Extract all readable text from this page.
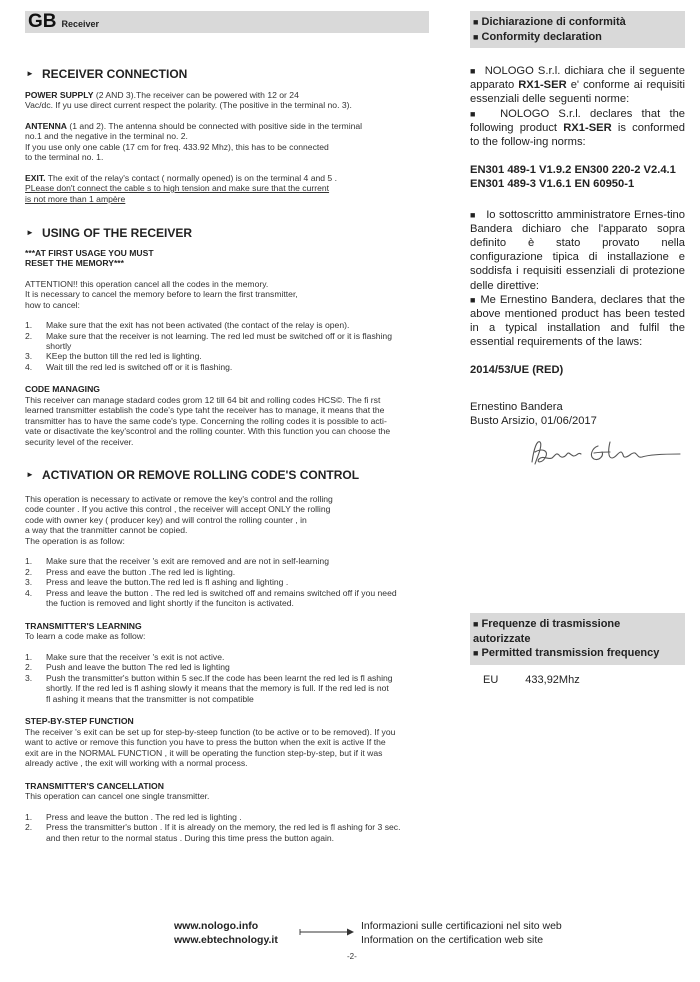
GB Receiver
► RECEIVER CONNECTION
POWER SUPPLY (2 AND 3).The receiver can be powered with 12 or 24
Vac/dc. If yu use direct current respect the polarity. (The positive in the terminal no. 3).
ANTENNA (1 and 2). The antenna should be connected with positive side in the terminal
no.1 and the negative in the terminal no. 2.
If you use only one cable (17 cm for freq. 433.92 Mhz), this has to be connected
to the terminal no. 1.
EXIT. The exit of the relay's contact ( normally opened) is on the terminal 4 and 5 .
PLease don't connect the cable s to high tension and make sure that the current
is not more than 1 ampère
► USING OF THE RECEIVER
***AT FIRST USAGE YOU MUST
RESET THE MEMORY***
ATTENTION!! this operation cancel all the codes in the memory.
It is necessary to cancel the memory before to learn the first transmitter,
how to cancel:
1. Make sure that the exit has not been activated (the contact of the relay is open).
2. Make sure that the receiver is not learning. The red led must be switched off or it is flashing
shortly
3. KEep the button till the red led is lighting.
4. Wait till the red led is switched off or it is flashing.
CODE MANAGING
This receiver can manage stadard codes grom 12 till 64 bit and rolling codes HCS©. The fi rst
learned transmitter establish the code's type taht the receiver has to manage, it means that the
transmitter has to have the same code's type. Concerning the rolling codes it is possible to acti-
vate or disactivate the key'scontrol and the rolling counter. With this function you can choose the
security level of the receiver.
► ACTIVATION OR REMOVE ROLLING CODE'S CONTROL
This operation is necessary to activate or remove the key's control and the rolling
code counter . If you active this control , the receiver will accept ONLY the rolling
code with owner key ( producer key) and will control the rolling counter , in
a way that the tranmitter cannot be copied.
The operation is as follow:
1. Make sure that the receiver 's exit are removed and are not in self-learning
2. Press and eave the button .The red led is lighting.
3. Press and leave the button.The red led is fl ashing and lighting .
4. Press and leave the button . The red led is switched off and remains switched off if you need
the fuction is removed and light shortly if the funciton is activated.
TRANSMITTER'S LEARNING
To learn a code make as follow:
1. Make sure that the receiver 's exit is not active.
2. Push and leave the button The red led is lighting
3. Push the transmitter's button within 5 sec.If the code has been learnt the red led is fl ashing
shortly. If the red led is fl ashing slowly it means that the memory is full. If the red led is not
fl ashing it means that the transmitter is not compatible
STEP-BY-STEP FUNCTION
The receiver 's exit can be set up for step-by-steep function (to be active or to be removed). If you
want to active or remove this function you have to press the button when the exit is active If the
exit are in the NORMAL FUNCTION , it will be operating the function step-by-step, but if it was
already active , the exit will working with a normal process.
TRANSMITTER'S CANCELLATION
This operation can cancel one single transmitter.
1. Press and leave the button . The red led is lighting .
2. Press the transmitter's button . If it is already on the memory, the red led is fl ashing for 3 sec.
and then retur to the normal status . During this time press the button again.
■ Dichiarazione di conformità
■ Conformity declaration
■ NOLOGO S.r.l. dichiara che il seguente apparato RX1-SER e' conforme ai requisiti essenziali delle seguenti norme:
■ NOLOGO S.r.l. declares that the following product RX1-SER is conformed to the follow-ing norms:
EN301 489-1 V1.9.2 EN300 220-2 V2.4.1
EN301 489-3 V1.6.1 EN 60950-1
■ Io sottoscritto amministratore Ernes-tino Bandera dichiaro che l'apparato sopra definito è stato provato nella configurazione tipica di installazione e soddisfa i requisiti essenziali di protezione delle direttive:
■ Me Ernestino Bandera, declares that the above mentioned product has been tested in a typical installation and fulfil the essential requirements of the laws:
2014/53/UE (RED)
Ernestino Bandera
Busto Arsizio, 01/06/2017
■ Frequenze di trasmissione autorizzate
■ Permitted transmission frequency
EU 433,92Mhz
www.nologo.info
www.ebtechnology.it
Informazioni sulle certificazioni nel sito web
Information on the certification web site
-2-
